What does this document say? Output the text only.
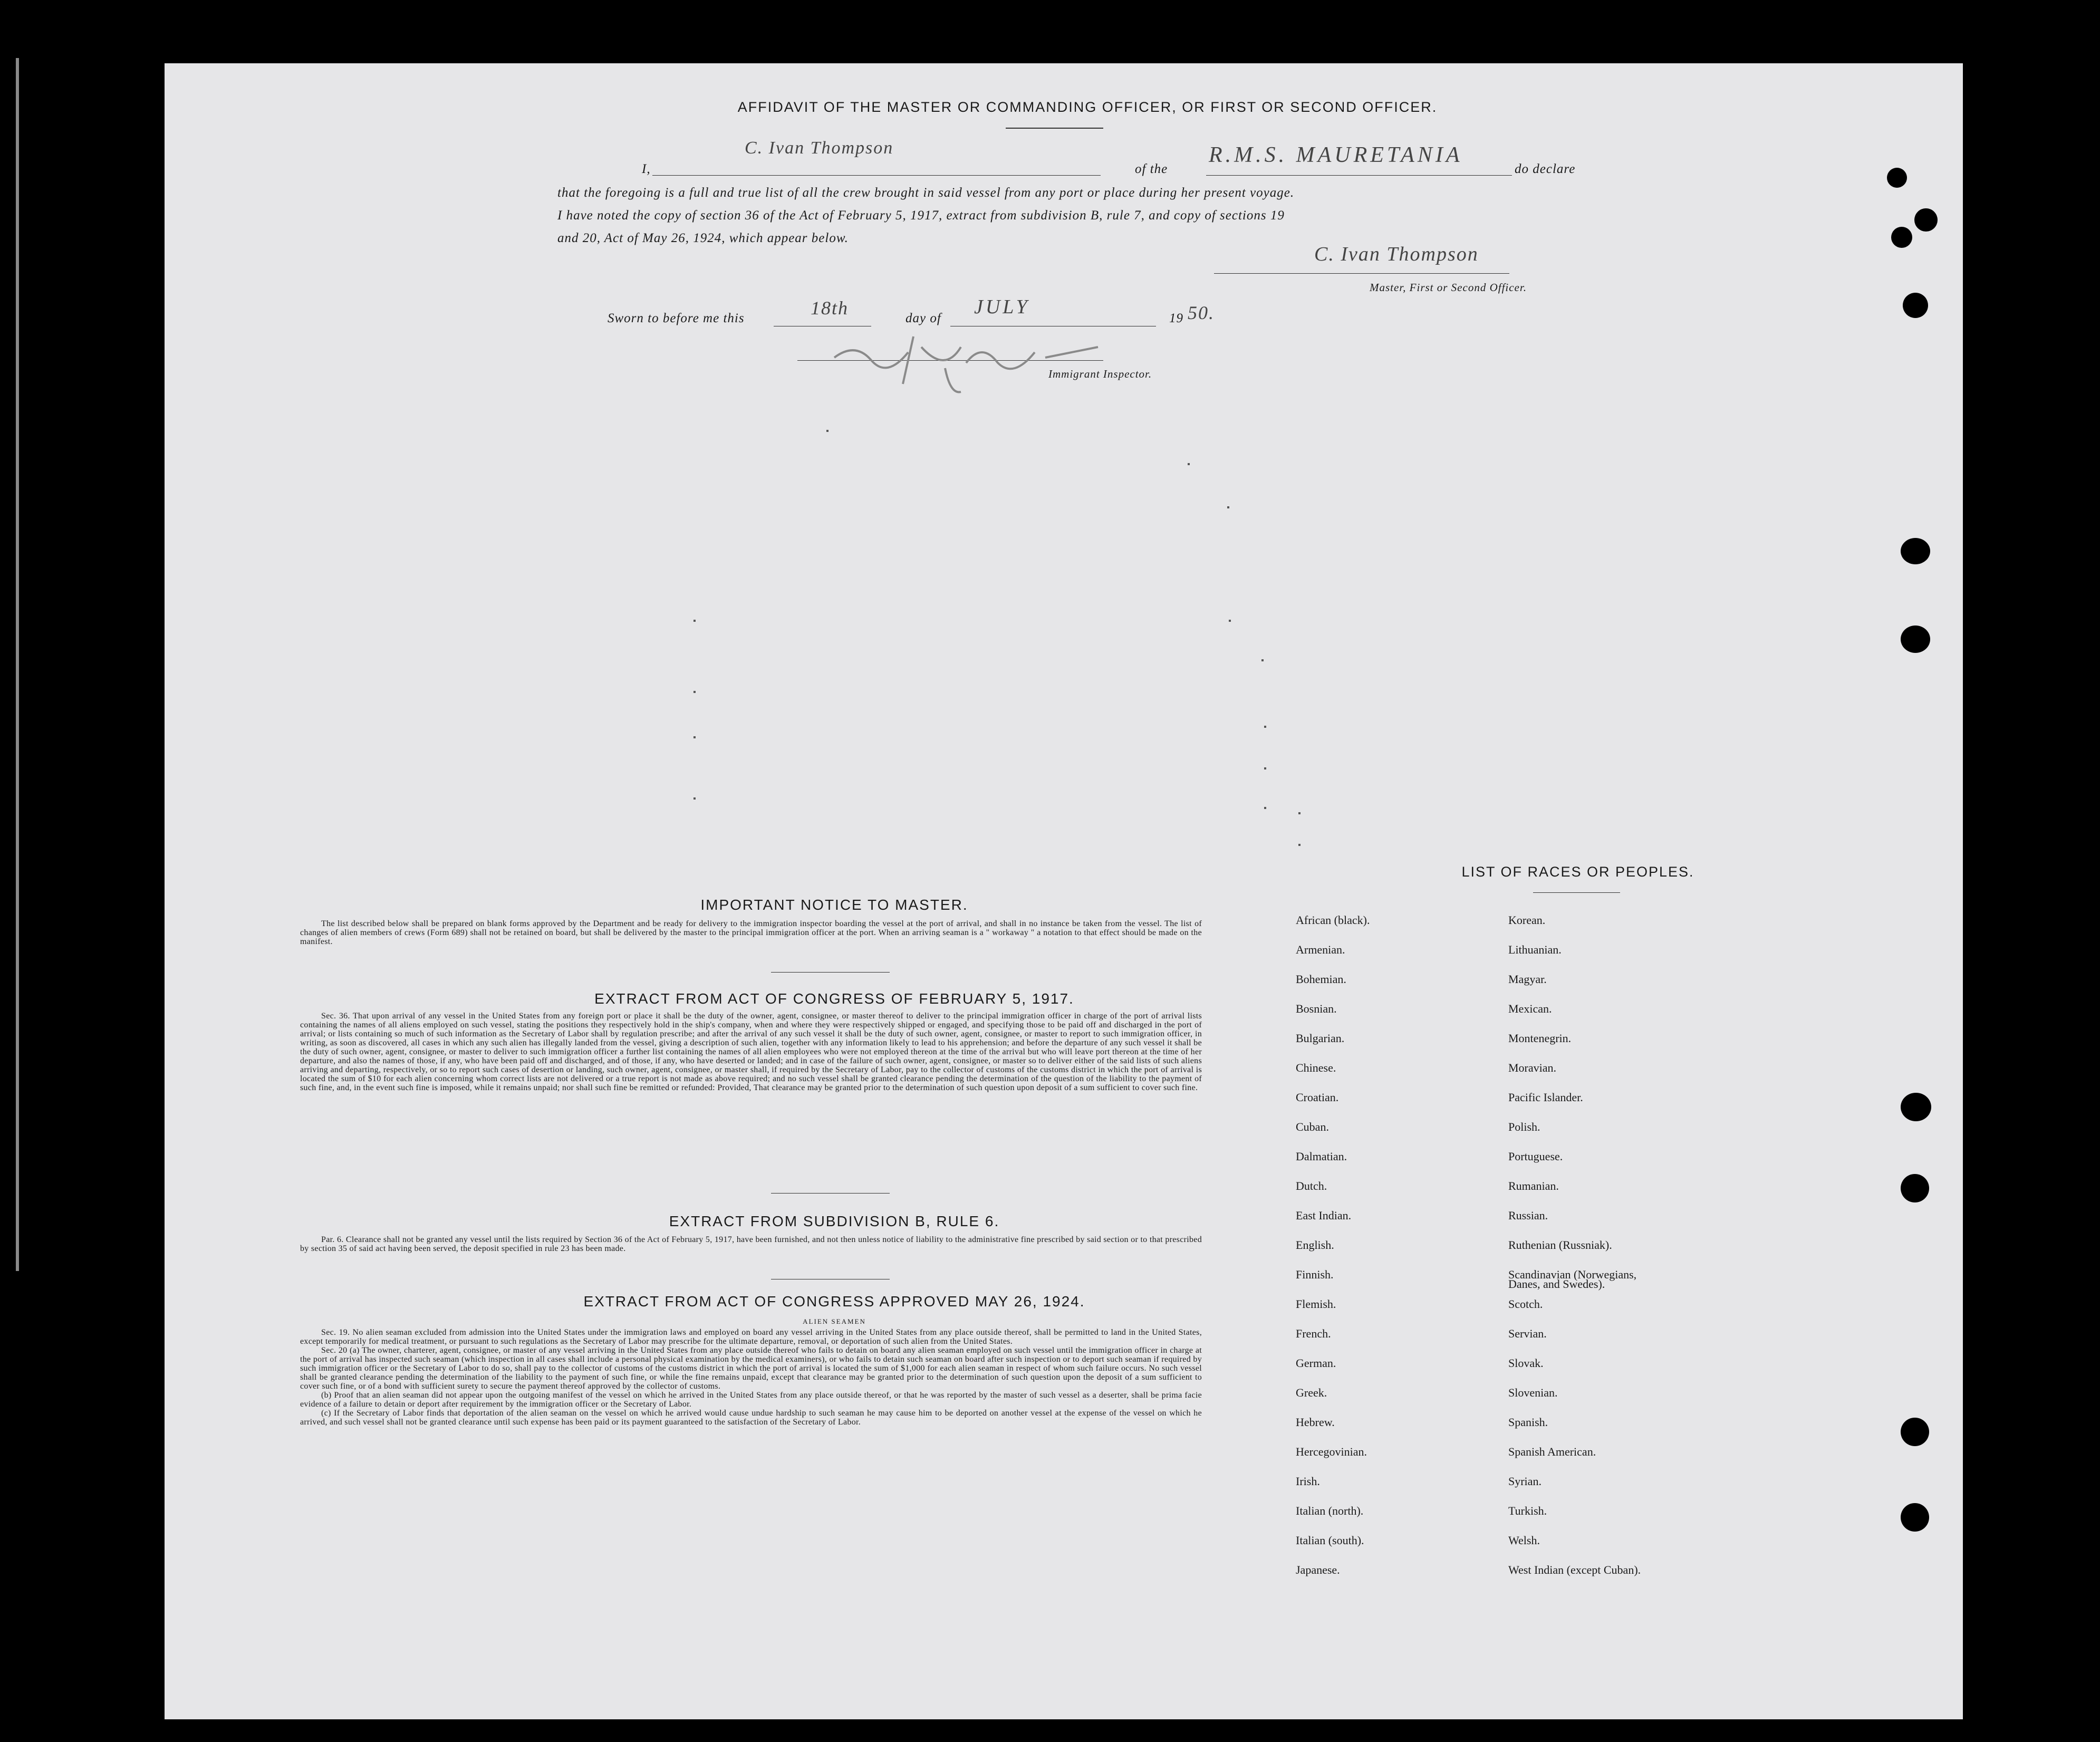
AFFIDAVIT OF THE MASTER OR COMMANDING OFFICER, OR FIRST OR SECOND OFFICER.
I,
C. Ivan Thompson
of the
R.M.S. MAURETANIA
do declare
that the foregoing is a full and true list of all the crew brought in said vessel from any port or place during her present voyage.
I have noted the copy of section 36 of the Act of February 5, 1917, extract from subdivision B, rule 7, and copy of sections 19
and 20, Act of May 26, 1924, which appear below.
C. Ivan Thompson
Master, First or Second Officer.
Sworn to before me this	18th	day of
JULY
19 50.
Immigrant Inspector.
IMPORTANT NOTICE TO MASTER.
The list described below shall be prepared on blank forms approved by the Department and be ready for delivery to the immigration inspector boarding the vessel at the port of arrival, and shall in no instance be taken from the vessel. The list of changes of alien members of crews (Form 689) shall not be retained on board, but shall be delivered by the master to the principal immigration officer at the port. When an arriving seaman is a " workaway " a notation to that effect should be made on the manifest.
EXTRACT FROM ACT OF CONGRESS OF FEBRUARY 5, 1917.
Sec. 36. That upon arrival of any vessel in the United States from any foreign port or place it shall be the duty of the owner, agent, consignee, or master thereof to deliver to the principal immigration officer in charge of the port of arrival lists containing the names of all aliens employed on such vessel, stating the positions they respectively hold in the ship's company, when and where they were respectively shipped or engaged, and specifying those to be paid off and discharged in the port of arrival; or lists containing so much of such information as the Secretary of Labor shall by regulation prescribe; and after the arrival of any such vessel it shall be the duty of such owner, agent, consignee, or master to report to such immigration officer, in writing, as soon as discovered, all cases in which any such alien has illegally landed from the vessel, giving a description of such alien, together with any information likely to lead to his apprehension; and before the departure of any such vessel it shall be the duty of such owner, agent, consignee, or master to deliver to such immigration officer a further list containing the names of all alien employees who were not employed thereon at the time of the arrival but who will leave port thereon at the time of her departure, and also the names of those, if any, who have been paid off and discharged, and of those, if any, who have deserted or landed; and in case of the failure of such owner, agent, consignee, or master so to deliver either of the said lists of such aliens arriving and departing, respectively, or so to report such cases of desertion or landing, such owner, agent, consignee, or master shall, if required by the Secretary of Labor, pay to the collector of customs of the customs district in which the port of arrival is located the sum of $10 for each alien concerning whom correct lists are not delivered or a true report is not made as above required; and no such vessel shall be granted clearance pending the determination of the question of the liability to the payment of such fine, and, in the event such fine is imposed, while it remains unpaid; nor shall such fine be remitted or refunded: Provided, That clearance may be granted prior to the determination of such question upon deposit of a sum sufficient to cover such fine.
EXTRACT FROM SUBDIVISION B, RULE 6.
Par. 6. Clearance shall not be granted any vessel until the lists required by Section 36 of the Act of February 5, 1917, have been furnished, and not then unless notice of liability to the administrative fine prescribed by said section or to that prescribed by section 35 of said act having been served, the deposit specified in rule 23 has been made.
EXTRACT FROM ACT OF CONGRESS APPROVED MAY 26, 1924.
ALIEN SEAMEN
Sec. 19. No alien seaman excluded from admission into the United States under the immigration laws and employed on board any vessel arriving in the United States from any place outside thereof, shall be permitted to land in the United States, except temporarily for medical treatment, or pursuant to such regulations as the Secretary of Labor may prescribe for the ultimate departure, removal, or deportation of such alien from the United States.
Sec. 20 (a) The owner, charterer, agent, consignee, or master of any vessel arriving in the United States from any place outside thereof who fails to detain on board any alien seaman employed on such vessel until the immigration officer in charge at the port of arrival has inspected such seaman (which inspection in all cases shall include a personal physical examination by the medical examiners), or who fails to detain such seaman on board after such inspection or to deport such seaman if required by such immigration officer or the Secretary of Labor to do so, shall pay to the collector of customs of the customs district in which the port of arrival is located the sum of $1,000 for each alien seaman in respect of whom such failure occurs. No such vessel shall be granted clearance pending the determination of the liability to the payment of such fine, or while the fine remains unpaid, except that clearance may be granted prior to the determination of such question upon the deposit of a sum sufficient to cover such fine, or of a bond with sufficient surety to secure the payment thereof approved by the collector of customs.
(b) Proof that an alien seaman did not appear upon the outgoing manifest of the vessel on which he arrived in the United States from any place outside thereof, or that he was reported by the master of such vessel as a deserter, shall be prima facie evidence of a failure to detain or deport after requirement by the immigration officer or the Secretary of Labor.
(c) If the Secretary of Labor finds that deportation of the alien seaman on the vessel on which he arrived would cause undue hardship to such seaman he may cause him to be deported on another vessel at the expense of the vessel on which he arrived, and such vessel shall not be granted clearance until such expense has been paid or its payment guaranteed to the satisfaction of the Secretary of Labor.
LIST OF RACES OR PEOPLES.
African (black).
Armenian.
Bohemian.
Bosnian.
Bulgarian.
Chinese.
Croatian.
Cuban.
Dalmatian.
Dutch.
East Indian.
English.
Finnish.
Flemish.
French.
German.
Greek.
Hebrew.
Hercegovinian.
Irish.
Italian (north).
Italian (south).
Japanese.
Korean.
Lithuanian.
Magyar.
Mexican.
Montenegrin.
Moravian.
Pacific Islander.
Polish.
Portuguese.
Rumanian.
Russian.
Ruthenian (Russniak).
Scandinavian (Norwegians,
Scotch.
Servian.
Slovak.
Slovenian.
Spanish.
Spanish American.
Syrian.
Turkish.
Welsh.
West Indian (except Cuban).
Danes, and Swedes).
